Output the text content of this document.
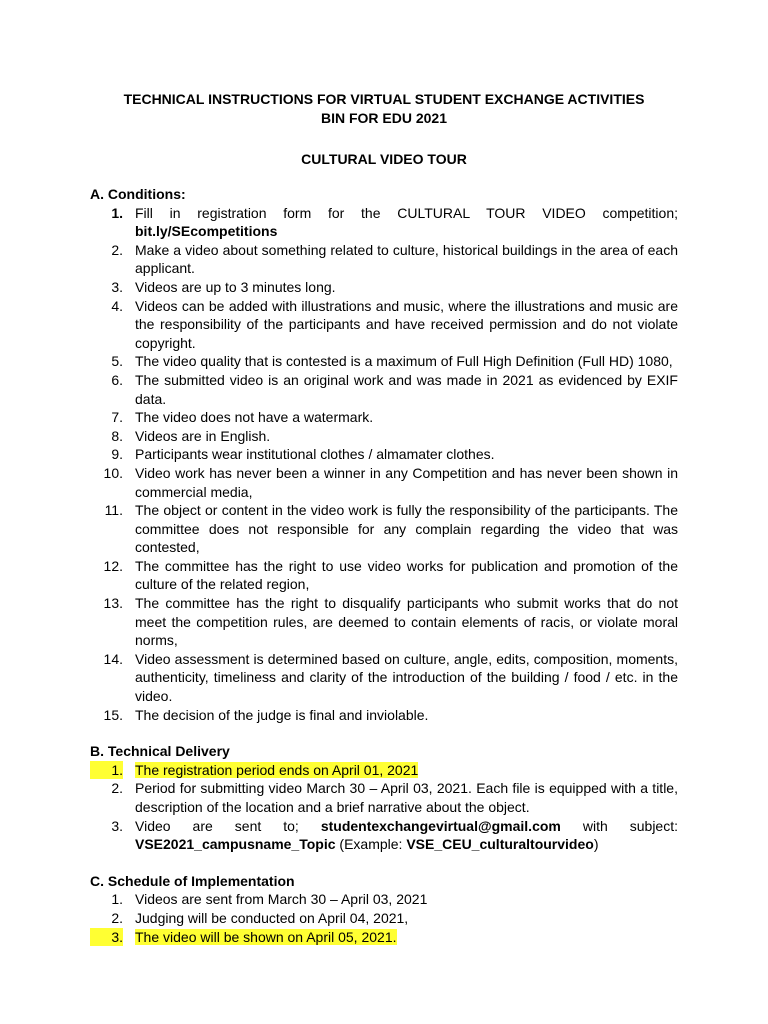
TECHNICAL INSTRUCTIONS FOR VIRTUAL STUDENT EXCHANGE ACTIVITIES

BIN FOR EDU 2021

CULTURAL VIDEO TOUR

A. Conditions:

1. Fill in registration form for the CULTURAL TOUR VIDEO competition;
bit.ly/SEcompetitions
2. Make a video about something related to culture, historical buildings in the area of each applicant.
3. Videos are up to 3 minutes long.
4. Videos can be added with illustrations and music, where the illustrations and music are the responsibility of the participants and have received permission and do not violate copyright.
5. The video quality that is contested is a maximum of Full High Definition (Full HD) 1080,
6. The submitted video is an original work and was made in 2021 as evidenced by EXIF data.
7. The video does not have a watermark.
8. Videos are in English.
9. Participants wear institutional clothes / almamater clothes.
10. Video work has never been a winner in any Competition and has never been shown in commercial media,
11. The object or content in the video work is fully the responsibility of the participants. The committee does not responsible for any complain regarding the video that was contested,
12. The committee has the right to use video works for publication and promotion of the culture of the related region,
13. The committee has the right to disqualify participants who submit works that do not meet the competition rules, are deemed to contain elements of racis, or violate moral norms,
14. Video assessment is determined based on culture, angle, edits, composition, moments, authenticity, timeliness and clarity of the introduction of the building / food / etc. in the video.
15. The decision of the judge is final and inviolable.

B. Technical Delivery

1. The registration period ends on April 01, 2021
2. Period for submitting video March 30 – April 03, 2021. Each file is equipped with a title, description of the location and a brief narrative about the object.
3. Video are sent to; studentexchangevirtual@gmail.com with subject:
VSE2021_campusname_Topic (Example: VSE_CEU_culturaltourvideo)

C. Schedule of Implementation

1. Videos are sent from March 30 – April 03, 2021
2. Judging will be conducted on April 04, 2021,
3. The video will be shown on April 05, 2021.
